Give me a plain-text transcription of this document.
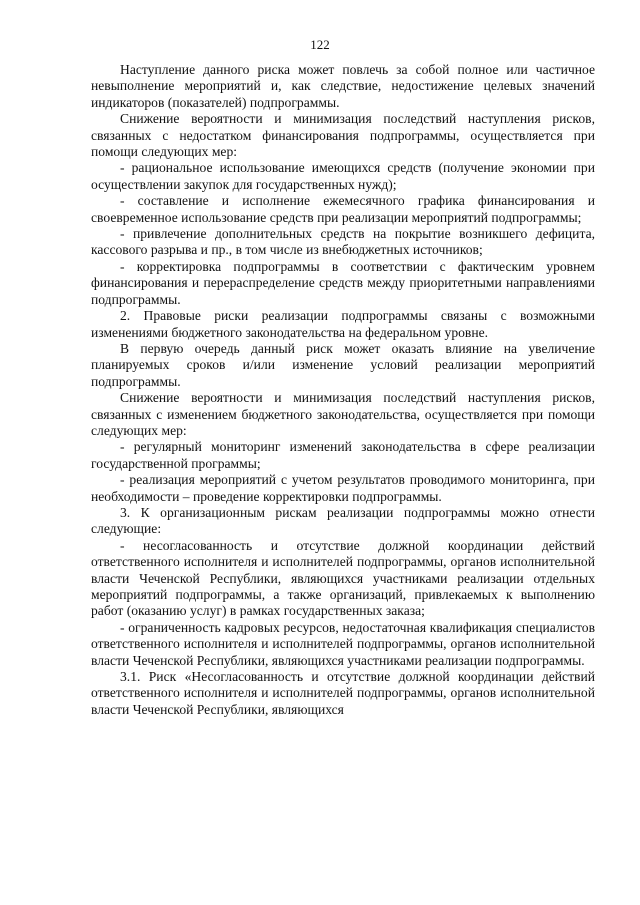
122

Наступление данного риска может повлечь за собой полное или частичное невыполнение мероприятий и, как следствие, недостижение целевых значений индикаторов (показателей) подпрограммы.

Снижение вероятности и минимизация последствий наступления рисков, связанных с недостатком финансирования подпрограммы, осуществляется при помощи следующих мер:

- рациональное использование имеющихся средств (получение экономии при осуществлении закупок для государственных нужд);

- составление и исполнение ежемесячного графика финансирования и своевременное использование средств при реализации мероприятий подпрограммы;

- привлечение дополнительных средств на покрытие возникшего дефицита, кассового разрыва и пр., в том числе из внебюджетных источников;

- корректировка подпрограммы в соответствии с фактическим уровнем финансирования и перераспределение средств между приоритетными направлениями подпрограммы.

2. Правовые риски реализации подпрограммы связаны с возможными изменениями бюджетного законодательства на федеральном уровне.

В первую очередь данный риск может оказать влияние на увеличение планируемых сроков и/или изменение условий реализации мероприятий подпрограммы.

Снижение вероятности и минимизация последствий наступления рисков, связанных с изменением бюджетного законодательства, осуществляется при помощи следующих мер:

- регулярный мониторинг изменений законодательства в сфере реализации государственной программы;

- реализация мероприятий с учетом результатов проводимого мониторинга, при необходимости – проведение корректировки подпрограммы.

3. К организационным рискам реализации подпрограммы можно отнести следующие:

- несогласованность и отсутствие должной координации действий ответственного исполнителя и исполнителей подпрограммы, органов исполнительной власти Чеченской Республики, являющихся участниками реализации отдельных мероприятий подпрограммы, а также организаций, привлекаемых к выполнению работ (оказанию услуг) в рамках государственных заказа;

- ограниченность кадровых ресурсов, недостаточная квалификация специалистов ответственного исполнителя и исполнителей подпрограммы, органов исполнительной власти Чеченской Республики, являющихся участниками реализации подпрограммы.

3.1. Риск «Несогласованность и отсутствие должной координации действий ответственного исполнителя и исполнителей подпрограммы, органов исполнительной власти Чеченской Республики, являющихся
